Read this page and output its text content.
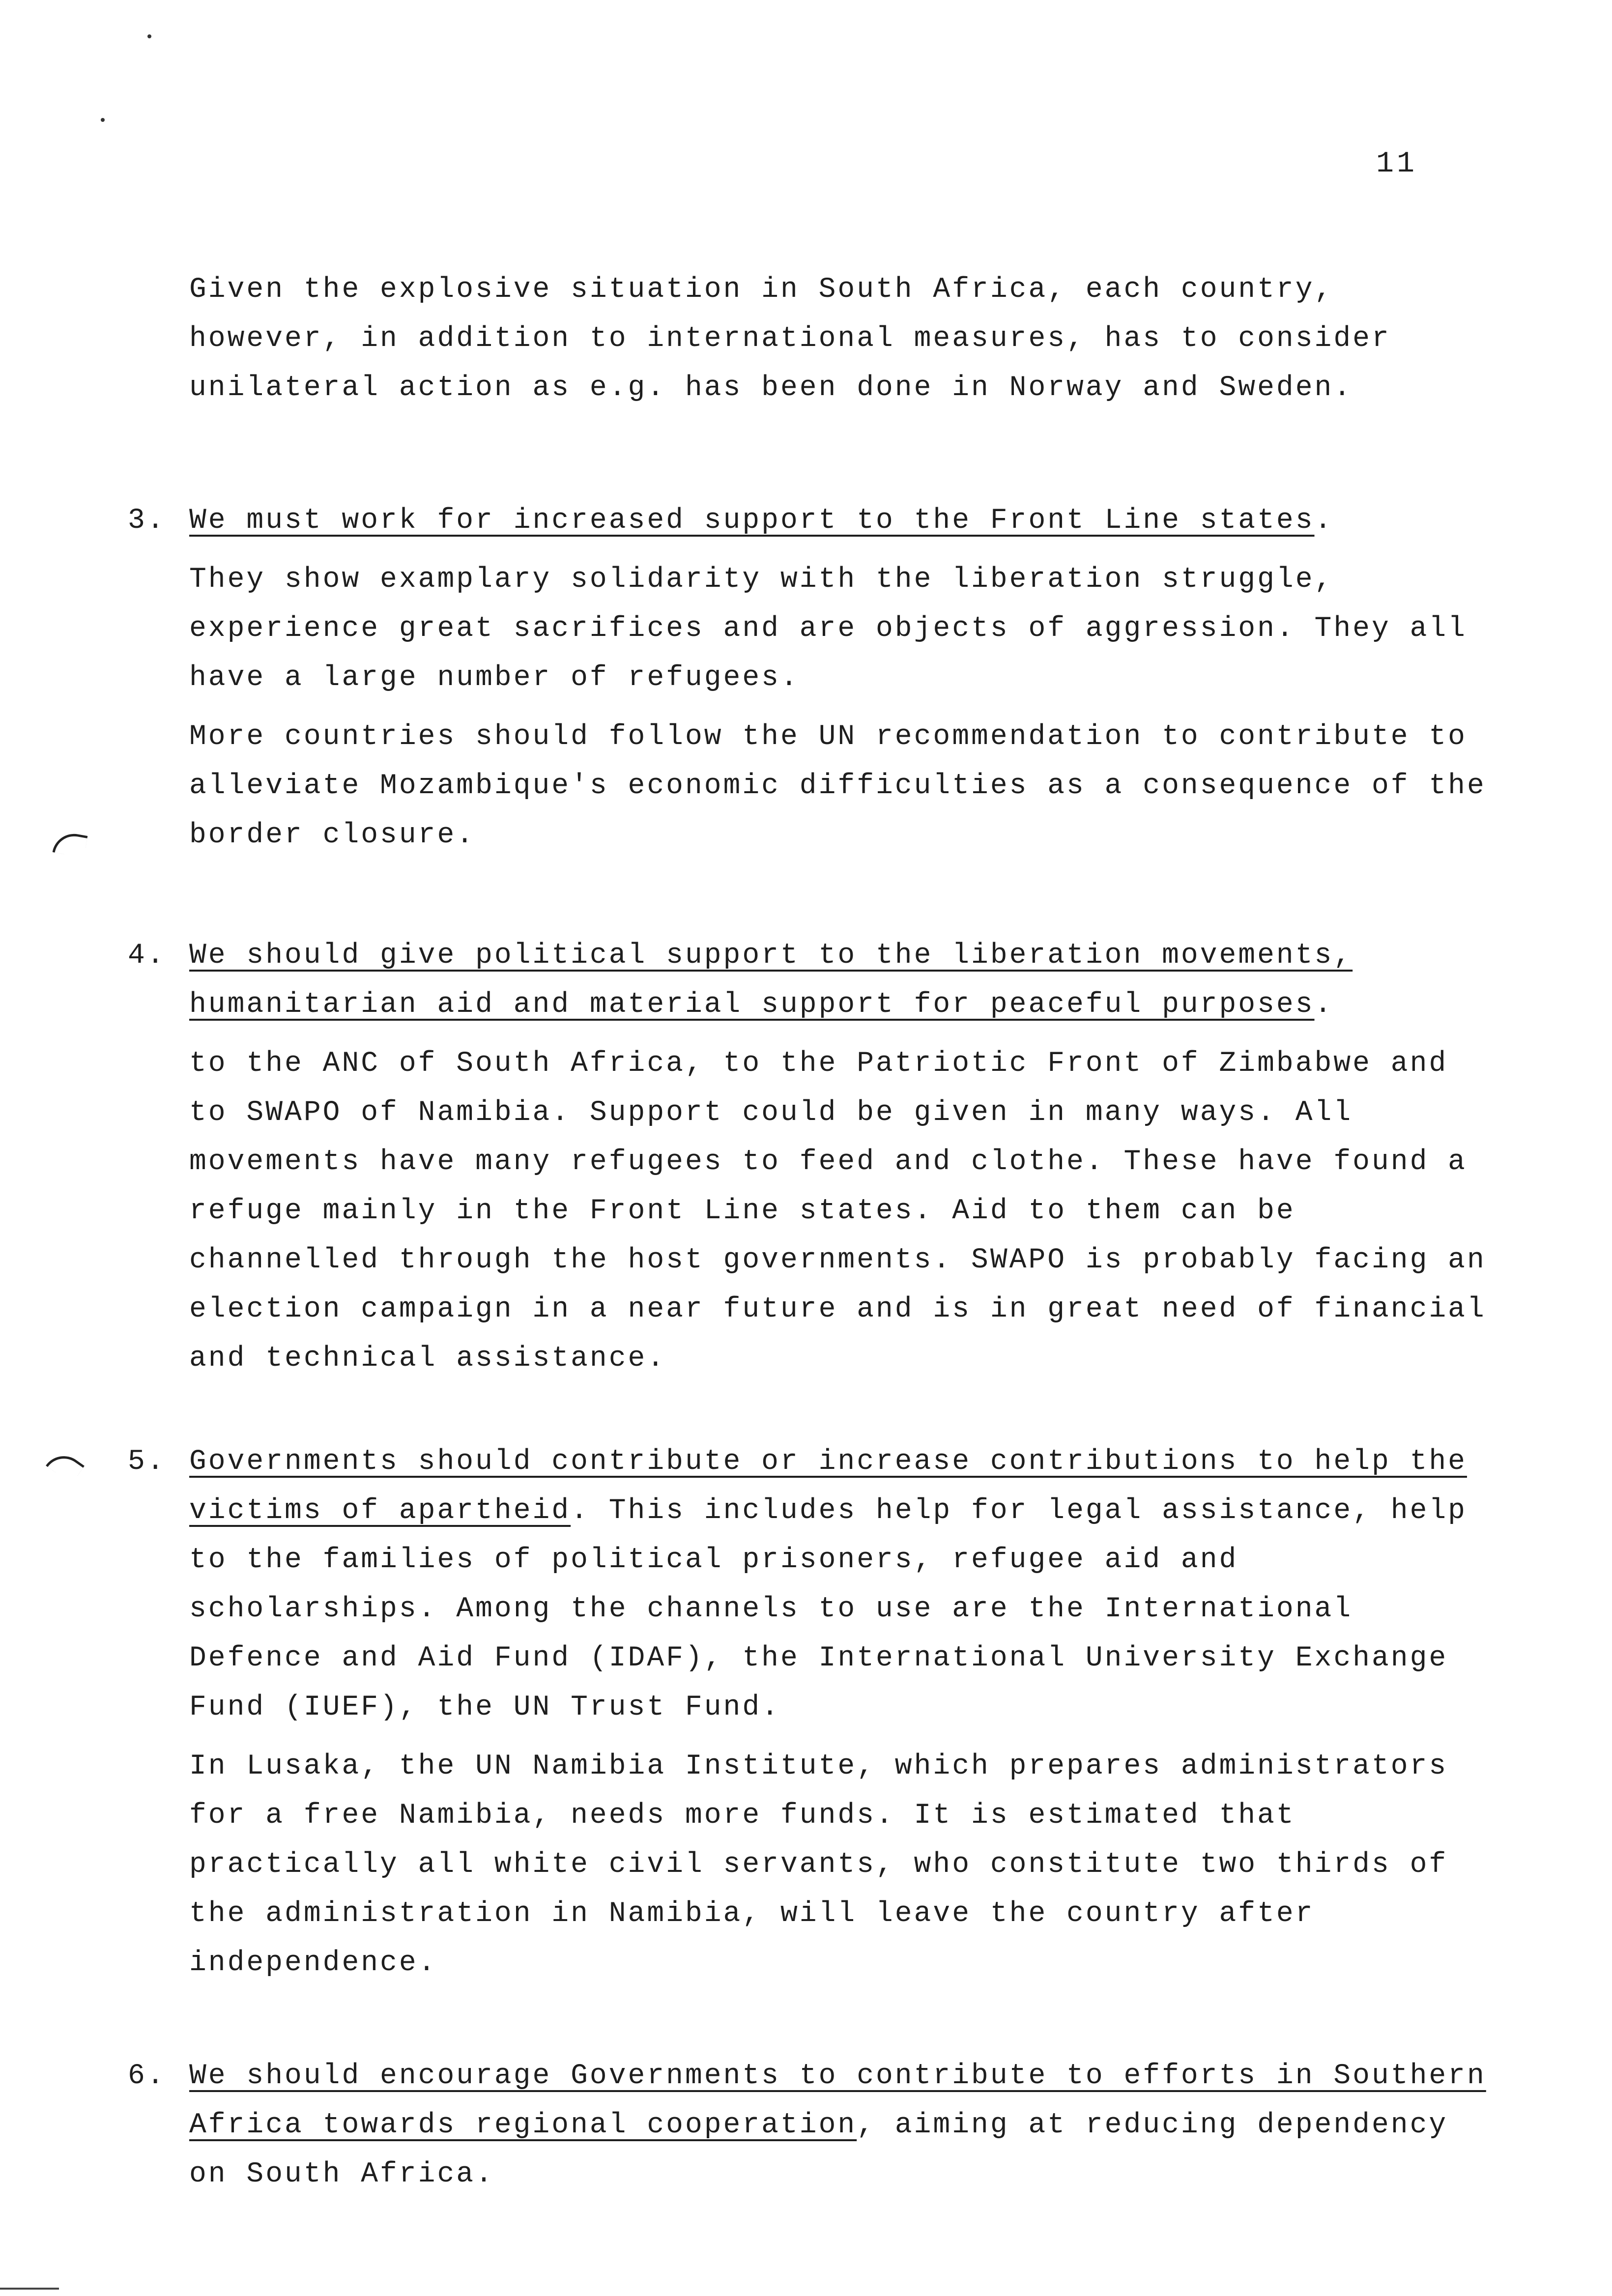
11
Given the explosive situation in South Africa, each country, however, in addition to international measures, has to consider unilateral action as e.g. has been done in Norway and Sweden.
3. We must work for increased support to the Front Line states.

They show examplary solidarity with the liberation struggle, experience great sacrifices and are objects of aggression. They all have a large number of refugees.

More countries should follow the UN recommendation to contribute to alleviate Mozambique's economic difficulties as a consequence of the border closure.

4. We should give political support to the liberation movements, humanitarian aid and material support for peaceful purposes.

to the ANC of South Africa, to the Patriotic Front of Zimbabwe and to SWAPO of Namibia. Support could be given in many ways. All movements have many refugees to feed and clothe. These have found a refuge mainly in the Front Line states. Aid to them can be channelled through the host governments. SWAPO is probably facing an election campaign in a near future and is in great need of financial and technical assistance.

5. Governments should contribute or increase contributions to help the victims of apartheid. This includes help for legal assistance, help to the families of political prisoners, refugee aid and scholarships. Among the channels to use are the International Defence and Aid Fund (IDAF), the International University Exchange Fund (IUEF), the UN Trust Fund.

In Lusaka, the UN Namibia Institute, which prepares administrators for a free Namibia, needs more funds. It is estimated that practically all white civil servants, who constitute two thirds of the administration in Namibia, will leave the country after independence.

6. We should encourage Governments to contribute to efforts in Southern Africa towards regional cooperation, aiming at reducing dependency on South Africa.
